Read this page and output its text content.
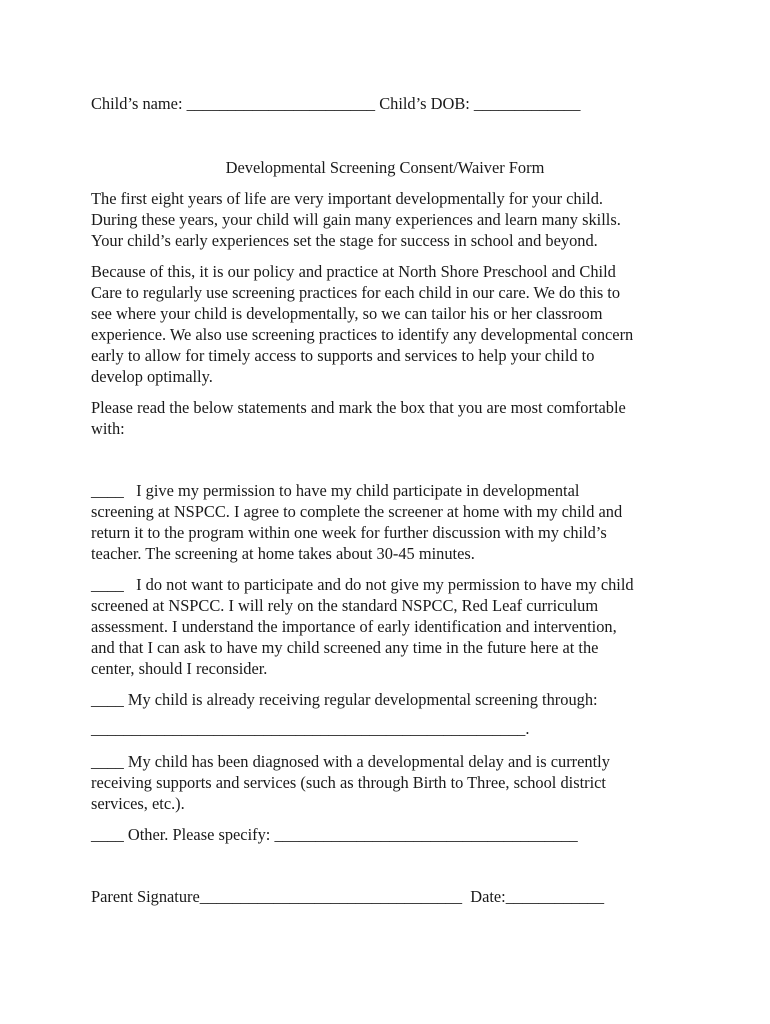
Child’s name: _______________________ Child’s DOB: _____________
Developmental Screening Consent/Waiver Form
The first eight years of life are very important developmentally for your child.
During these years, your child will gain many experiences and learn many skills.
Your child’s early experiences set the stage for success in school and beyond.
Because of this, it is our policy and practice at North Shore Preschool and Child
Care to regularly use screening practices for each child in our care. We do this to
see where your child is developmentally, so we can tailor his or her classroom
experience. We also use screening practices to identify any developmental concern
early to allow for timely access to supports and services to help your child to
develop optimally.
Please read the below statements and mark the box that you are most comfortable
with:
____   I give my permission to have my child participate in developmental
screening at NSPCC. I agree to complete the screener at home with my child and
return it to the program within one week for further discussion with my child’s
teacher. The screening at home takes about 30-45 minutes.
____   I do not want to participate and do not give my permission to have my child
screened at NSPCC. I will rely on the standard NSPCC, Red Leaf curriculum
assessment. I understand the importance of early identification and intervention,
and that I can ask to have my child screened any time in the future here at the
center, should I reconsider.
____ My child is already receiving regular developmental screening through:
_____________________________________________________.
____ My child has been diagnosed with a developmental delay and is currently
receiving supports and services (such as through Birth to Three, school district
services, etc.).
____ Other. Please specify: _____________________________________
Parent Signature________________________________  Date:____________
